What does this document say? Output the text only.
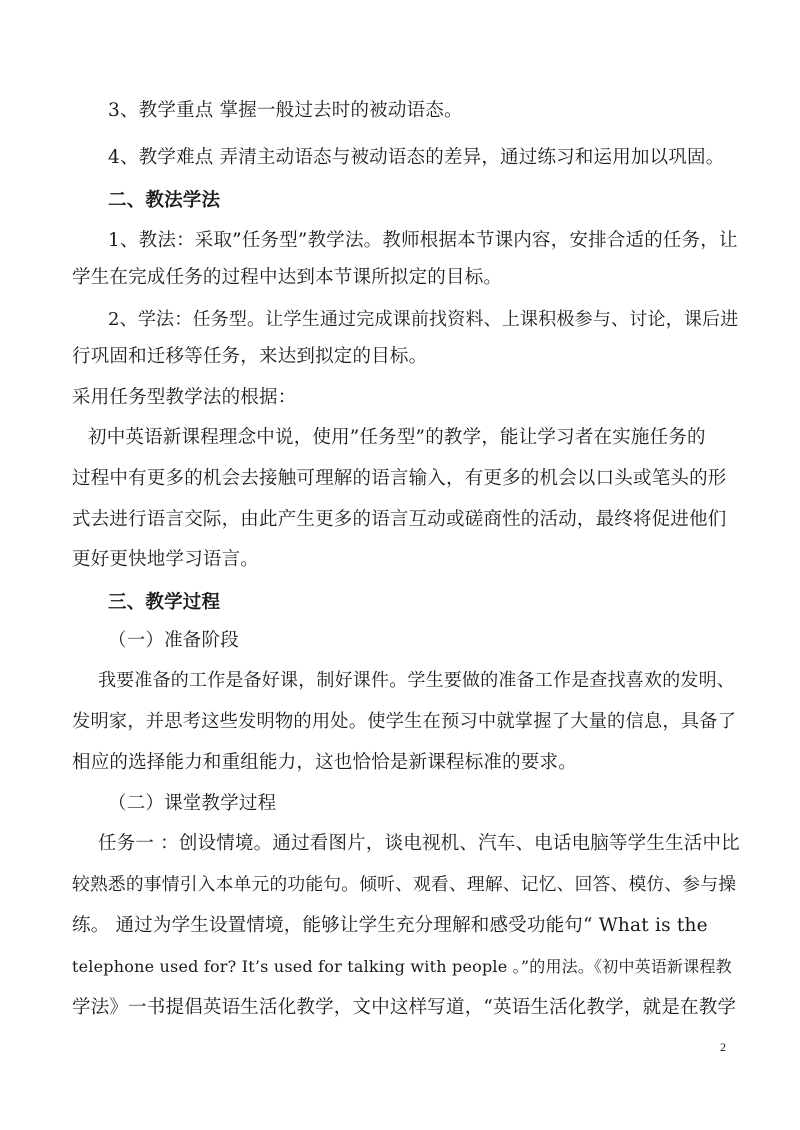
3、教学重点 掌握一般过去时的被动语态。
4、教学难点 弄清主动语态与被动语态的差异，通过练习和运用加以巩固。
二、教法学法
1、教法：采取”任务型”教学法。教师根据本节课内容，安排合适的任务，让
学生在完成任务的过程中达到本节课所拟定的目标。
2、学法：任务型。让学生通过完成课前找资料、上课积极参与、讨论，课后进
行巩固和迁移等任务，来达到拟定的目标。
采用任务型教学法的根据：
初中英语新课程理念中说，使用”任务型”的教学，能让学习者在实施任务的
过程中有更多的机会去接触可理解的语言输入，有更多的机会以口头或笔头的形
式去进行语言交际，由此产生更多的语言互动或磋商性的活动，最终将促进他们
更好更快地学习语言。
三、教学过程
（一）准备阶段
我要准备的工作是备好课，制好课件。学生要做的准备工作是查找喜欢的发明、
发明家，并思考这些发明物的用处。使学生在预习中就掌握了大量的信息，具备了
相应的选择能力和重组能力，这也恰恰是新课程标准的要求。
（二）课堂教学过程
任务一 ：创设情境。通过看图片，谈电视机、汽车、电话电脑等学生生活中比
较熟悉的事情引入本单元的功能句。倾听、观看、理解、记忆、回答、模仿、参与操
练。 通过为学生设置情境，能够让学生充分理解和感受功能句“ What is the
telephone used for? It’s used for talking with people 。”的用法。《初中英语新课程教
学法》一书提倡英语生活化教学，文中这样写道，“英语生活化教学，就是在教学
2
